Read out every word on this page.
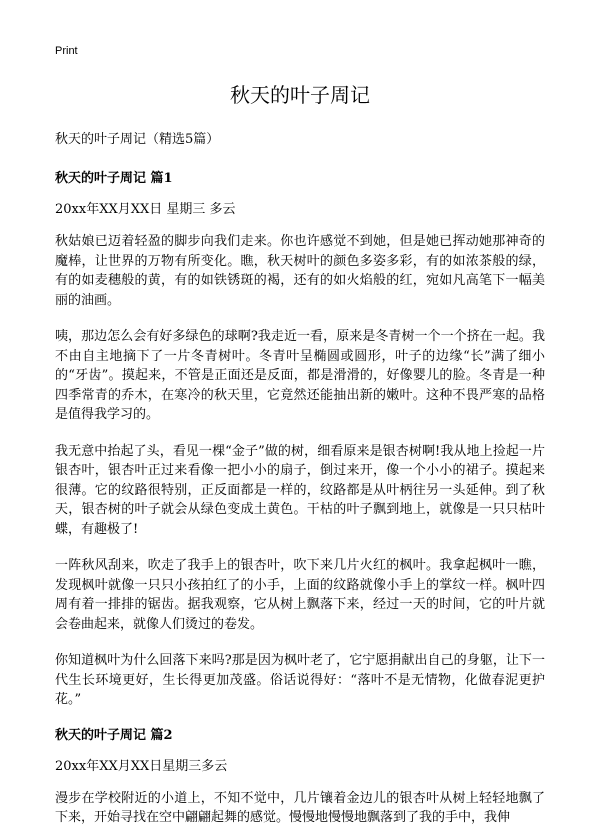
Print
秋天的叶子周记
秋天的叶子周记（精选5篇）
秋天的叶子周记 篇1
20xx年XX月XX日 星期三 多云

秋姑娘已迈着轻盈的脚步向我们走来。你也许感觉不到她，但是她已挥动她那神奇的魔棒，让世界的万物有所变化。瞧，秋天树叶的颜色多姿多彩，有的如浓茶般的绿，有的如麦穗般的黄，有的如铁锈斑的褐，还有的如火焰般的红，宛如凡高笔下一幅美丽的油画。

咦，那边怎么会有好多绿色的球啊?我走近一看，原来是冬青树一个一个挤在一起。我不由自主地摘下了一片冬青树叶。冬青叶呈椭圆或圆形，叶子的边缘“长”满了细小的“牙齿”。摸起来，不管是正面还是反面，都是滑滑的，好像婴儿的脸。冬青是一种四季常青的乔木，在寒冷的秋天里，它竟然还能抽出新的嫩叶。这种不畏严寒的品格是值得我学习的。

我无意中抬起了头，看见一棵“金子”做的树，细看原来是银杏树啊!我从地上捡起一片银杏叶，银杏叶正过来看像一把小小的扇子，倒过来开，像一个小小的裙子。摸起来很薄。它的纹路很特别，正反面都是一样的，纹路都是从叶柄往另一头延伸。到了秋天，银杏树的叶子就会从绿色变成土黄色。干枯的叶子飘到地上，就像是一只只枯叶蝶，有趣极了!

一阵秋风刮来，吹走了我手上的银杏叶，吹下来几片火红的枫叶。我拿起枫叶一瞧，发现枫叶就像一只只小孩拍红了的小手，上面的纹路就像小手上的掌纹一样。枫叶四周有着一排排的锯齿。据我观察，它从树上飘落下来，经过一天的时间，它的叶片就会卷曲起来，就像人们烫过的卷发。

你知道枫叶为什么回落下来吗?那是因为枫叶老了，它宁愿捐献出自己的身躯，让下一代生长环境更好，生长得更加茂盛。俗话说得好：“落叶不是无情物，化做春泥更护花。”

秋天的叶子周记 篇2
20xx年XX月XX日星期三多云

漫步在学校附近的小道上，不知不觉中，几片镶着金边儿的银杏叶从树上轻轻地飘了下来，开始寻找在空中翩翩起舞的感觉。慢慢地慢慢地飘落到了我的手中，我伸
